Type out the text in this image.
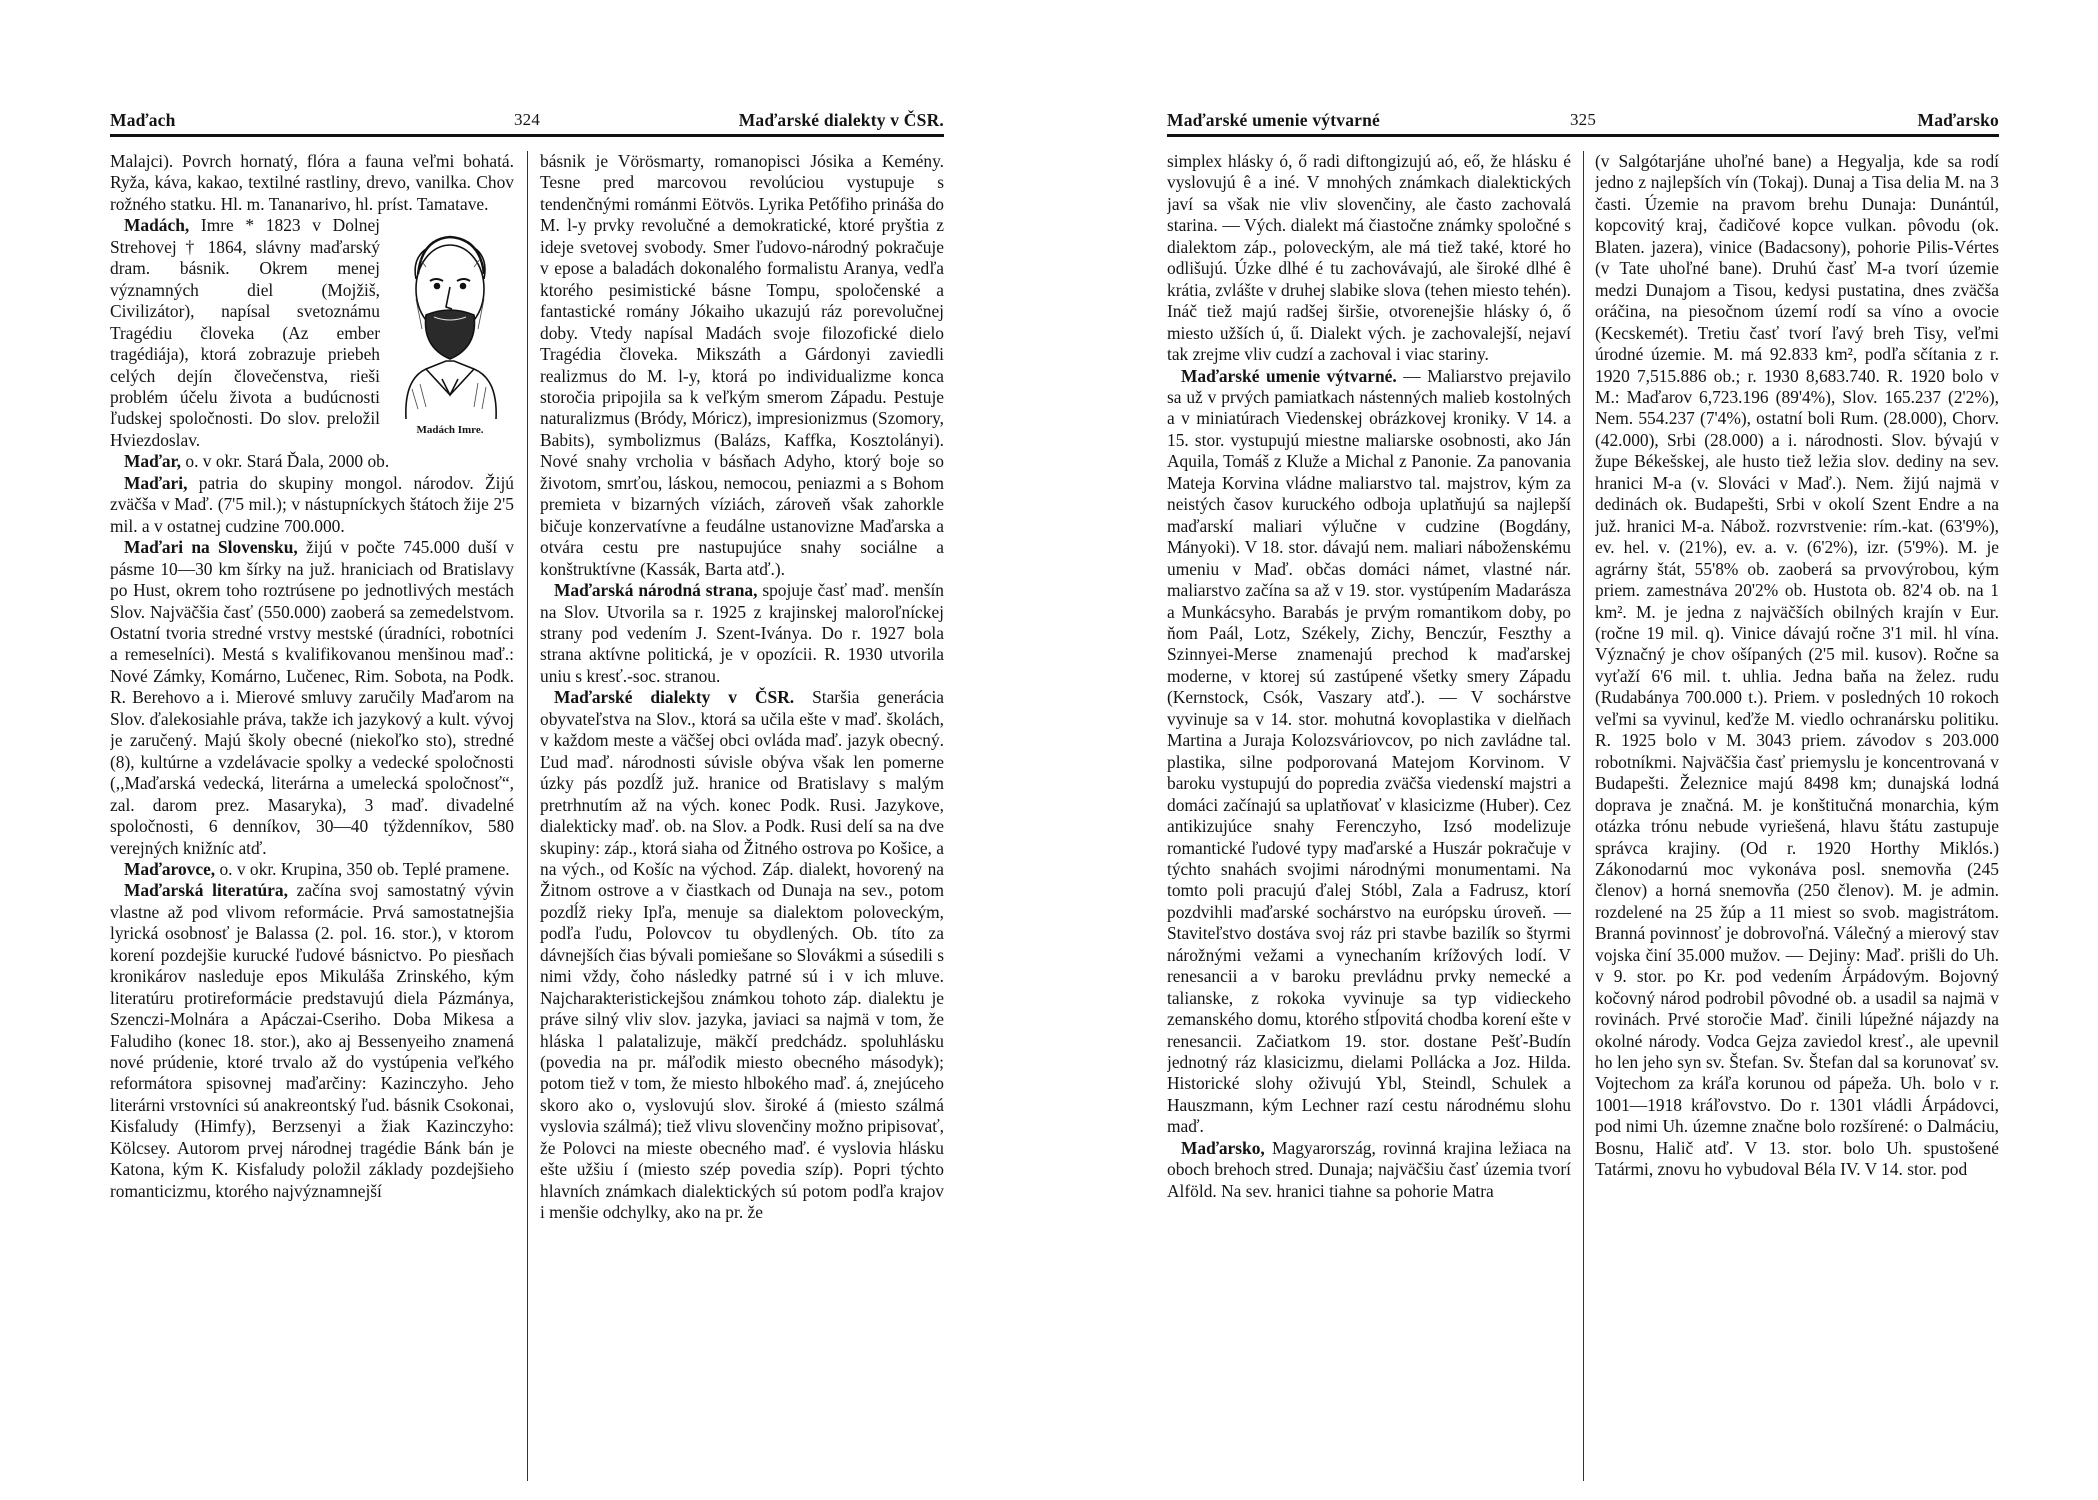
Maďach	324	Maďarské dialekty v ČSR.

Malajci). Povrch hornatý, flóra a fauna veľmi bohatá. Ryža, káva, kakao, textilné rastliny, drevo, vanilka. Chov rožného statku. Hl. m. Tananarivo, hl. príst. Tamatave.

Madách Imre.

Madách, Imre * 1823 v Dolnej Strehovej † 1864, slávny maďarský dram. básnik. Okrem menej významných diel (Mojžiš, Civilizátor), napísal svetoznámu Tragédiu človeka (Az ember tragédiája), ktorá zobrazuje priebeh celých dejín človečenstva, rieši problém účelu života a budúcnosti ľudskej spoločnosti. Do slov. preložil Hviezdoslav.

Maďar, o. v okr. Stará Ďala, 2000 ob.

Maďari, patria do skupiny mongol. národov. Žijú zväčša v Maď. (7'5 mil.); v nástupníckych štátoch žije 2'5 mil. a v ostatnej cudzine 700.000.

Maďari na Slovensku, žijú v počte 745.000 duší v pásme 10—30 km šírky na juž. hraniciach od Bratislavy po Hust, okrem toho roztrúsene po jednotlivých mestách Slov. Najväčšia časť (550.000) zaoberá sa zemedelstvom. Ostatní tvoria stredné vrstvy mestské (úradníci, robotníci a remeselníci). Mestá s kvalifikovanou menšinou maď.: Nové Zámky, Komárno, Lučenec, Rim. Sobota, na Podk. R. Berehovo a i. Mierové smluvy zaručily Maďarom na Slov. ďalekosiahle práva, takže ich jazykový a kult. vývoj je zaručený. Majú školy obecné (niekoľko sto), stredné (8), kultúrne a vzdelávacie spolky a vedecké spoločnosti (,,Maďarská vedecká, literárna a umelecká spoločnosť“, zal. darom prez. Masaryka), 3 maď. divadelné spoločnosti, 6 denníkov, 30—40 týždenníkov, 580 verejných knižníc atď.

Maďarovce, o. v okr. Krupina, 350 ob. Teplé pramene.

Maďarská literatúra, začína svoj samostatný vývin vlastne až pod vlivom reformácie. Prvá samostatnejšia lyrická osobnosť je Balassa (2. pol. 16. stor.), v ktorom korení pozdejšie kurucké ľudové básnictvo. Po piesňach kronikárov nasleduje epos Mikuláša Zrinského, kým literatúru protireformácie predstavujú diela Pázmánya, Szenczi-Molnára a Apáczai-Cseriho. Doba Mikesa a Faludiho (konec 18. stor.), ako aj Bessenyeiho znamená nové prúdenie, ktoré trvalo až do vystúpenia veľkého reformátora spisovnej maďarčiny: Kazinczyho. Jeho literárni vrstovníci sú anakreontský ľud. básnik Csokonai, Kisfaludy (Himfy), Berzsenyi a žiak Kazinczyho: Kölcsey. Autorom prvej národnej tragédie Bánk bán je Katona, kým K. Kisfaludy položil základy pozdejšieho romanticizmu, ktorého najvýznamnejší

básnik je Vörösmarty, romanopisci Jósika a Kemény. Tesne pred marcovou revolúciou vystupuje s tendenčnými románmi Eötvös. Lyrika Petőfiho prináša do M. l-y prvky revolučné a demokratické, ktoré pryštia z ideje svetovej svobody. Smer ľudovo-národný pokračuje v epose a baladách dokonalého formalistu Aranya, vedľa ktorého pesimistické básne Tompu, spoločenské a fantastické romány Jókaiho ukazujú ráz porevolučnej doby. Vtedy napísal Madách svoje filozofické dielo Tragédia človeka. Mikszáth a Gárdonyi zaviedli realizmus do M. l-y, ktorá po individualizme konca storočia pripojila sa k veľkým smerom Západu. Pestuje naturalizmus (Bródy, Móricz), impresionizmus (Szomory, Babits), symbolizmus (Balázs, Kaffka, Kosztolányi). Nové snahy vrcholia v básňach Adyho, ktorý boje so životom, smrťou, láskou, nemocou, peniazmi a s Bohom premieta v bizarných víziách, zároveň však zahorkle bičuje konzervatívne a feudálne ustanovizne Maďarska a otvára cestu pre nastupujúce snahy sociálne a konštruktívne (Kassák, Barta atď.).

Maďarská národná strana, spojuje časť maď. menšín na Slov. Utvorila sa r. 1925 z krajinskej maloroľníckej strany pod vedením J. Szent-Iványa. Do r. 1927 bola strana aktívne politická, je v opozícii. R. 1930 utvorila uniu s kresť.-soc. stranou.

Maďarské dialekty v ČSR. Staršia generácia obyvateľstva na Slov., ktorá sa učila ešte v maď. školách, v každom meste a väčšej obci ovláda maď. jazyk obecný. Ľud maď. národnosti súvisle obýva však len pomerne úzky pás pozdĺž juž. hranice od Bratislavy s malým pretrhnutím až na vých. konec Podk. Rusi. Jazykove, dialekticky maď. ob. na Slov. a Podk. Rusi delí sa na dve skupiny: záp., ktorá siaha od Žitného ostrova po Košice, a na vých., od Košíc na východ. Záp. dialekt, hovorený na Žitnom ostrove a v čiastkach od Dunaja na sev., potom pozdĺž rieky Ipľa, menuje sa dialektom poloveckým, podľa ľudu, Polovcov tu obydlených. Ob. títo za dávnejších čias bývali pomiešane so Slovákmi a súsedili s nimi vždy, čoho následky patrné sú i v ich mluve. Najcharakteristickejšou známkou tohoto záp. dialektu je práve silný vliv slov. jazyka, javiaci sa najmä v tom, že hláska l palatalizuje, mäkčí predchádz. spoluhlásku (povedia na pr. máľodik miesto obecného másodyk); potom tiež v tom, že miesto hlbokého maď. á, znejúceho skoro ako o, vyslovujú slov. široké á (miesto szálmá vyslovia szálmá); tiež vlivu slovenčiny možno pripisovať, že Polovci na mieste obecného maď. é vyslovia hlásku ešte užšiu í (miesto szép povedia szíp). Popri týchto hlavních známkach dialektických sú potom podľa krajov i menšie odchylky, ako na pr. že

Maďarské umenie výtvarné	325	Maďarsko

simplex hlásky ó, ő radi diftongizujú aó, eő, že hlásku é vyslovujú ê a iné. V mnohých známkach dialektických javí sa však nie vliv slovenčiny, ale často zachovalá starina. — Vých. dialekt má čiastočne známky spoločné s dialektom záp., poloveckým, ale má tiež také, ktoré ho odlišujú. Úzke dlhé é tu zachovávajú, ale široké dlhé ê krátia, zvlášte v druhej slabike slova (tehen miesto tehén). Ináč tiež majú radšej širšie, otvorenejšie hlásky ó, ő miesto užších ú, ű. Dialekt vých. je zachovalejší, nejaví tak zrejme vliv cudzí a zachoval i viac stariny.

Maďarské umenie výtvarné. — Maliarstvo prejavilo sa už v prvých pamiatkach nástenných malieb kostolných a v miniatúrach Viedenskej obrázkovej kroniky. V 14. a 15. stor. vystupujú miestne maliarske osobnosti, ako Ján Aquila, Tomáš z Kluže a Michal z Panonie. Za panovania Mateja Korvina vládne maliarstvo tal. majstrov, kým za neistých časov kuruckého odboja uplatňujú sa najlepší maďarskí maliari výlučne v cudzine (Bogdány, Mányoki). V 18. stor. dávajú nem. maliari náboženskému umeniu v Maď. občas domáci námet, vlastné nár. maliarstvo začína sa až v 19. stor. vystúpením Madarásza a Munkácsyho. Barabás je prvým romantikom doby, po ňom Paál, Lotz, Székely, Zichy, Benczúr, Feszthy a Szinnyei-Merse znamenajú prechod k maďarskej moderne, v ktorej sú zastúpené všetky smery Západu (Kernstock, Csók, Vaszary atď.). — V sochárstve vyvinuje sa v 14. stor. mohutná kovoplastika v dielňach Martina a Juraja Kolozsváriovcov, po nich zavládne tal. plastika, silne podporovaná Matejom Korvinom. V baroku vystupujú do popredia zväčša viedenskí majstri a domáci začínajú sa uplatňovať v klasicizme (Huber). Cez antikizujúce snahy Ferenczyho, Izsó modelizuje romantické ľudové typy maďarské a Huszár pokračuje v týchto snahách svojimi národnými monumentami. Na tomto poli pracujú ďalej Stóbl, Zala a Fadrusz, ktorí pozdvihli maďarské sochárstvo na európsku úroveň. — Staviteľstvo dostáva svoj ráz pri stavbe bazilík so štyrmi nárožnými vežami a vynechaním krížových lodí. V renesancii a v baroku prevládnu prvky nemecké a talianske, z rokoka vyvinuje sa typ vidieckeho zemanského domu, ktorého stĺpovitá chodba korení ešte v renesancii. Začiatkom 19. stor. dostane Pešť-Budín jednotný ráz klasicizmu, dielami Pollácka a Joz. Hilda. Historické slohy oživujú Ybl, Steindl, Schulek a Hauszmann, kým Lechner razí cestu národnému slohu maď.

Maďarsko, Magyarország, rovinná krajina ležiaca na oboch brehoch stred. Dunaja; najväčšiu časť územia tvorí Alföld. Na sev. hranici tiahne sa pohorie Matra

(v Salgótarjáne uhoľné bane) a Hegyalja, kde sa rodí jedno z najlepších vín (Tokaj). Dunaj a Tisa delia M. na 3 časti. Územie na pravom brehu Dunaja: Dunántúl, kopcovitý kraj, čadičové kopce vulkan. pôvodu (ok. Blaten. jazera), vinice (Badacsony), pohorie Pilis-Vértes (v Tate uhoľné bane). Druhú časť M-a tvorí územie medzi Dunajom a Tisou, kedysi pustatina, dnes zväčša oráčina, na piesočnom území rodí sa víno a ovocie (Kecskemét). Tretiu časť tvorí ľavý breh Tisy, veľmi úrodné územie. M. má 92.833 km², podľa sčítania z r. 1920 7,515.886 ob.; r. 1930 8,683.740. R. 1920 bolo v M.: Maďarov 6,723.196 (89'4%), Slov. 165.237 (2'2%), Nem. 554.237 (7'4%), ostatní boli Rum. (28.000), Chorv. (42.000), Srbi (28.000) a i. národnosti. Slov. bývajú v župe Békešskej, ale husto tiež ležia slov. dediny na sev. hranici M-a (v. Slováci v Maď.). Nem. žijú najmä v dedinách ok. Budapešti, Srbi v okolí Szent Endre a na juž. hranici M-a. Nábož. rozvrstvenie: rím.-kat. (63'9%), ev. hel. v. (21%), ev. a. v. (6'2%), izr. (5'9%). M. je agrárny štát, 55'8% ob. zaoberá sa prvovýrobou, kým priem. zamestnáva 20'2% ob. Hustota ob. 82'4 ob. na 1 km². M. je jedna z najväčších obilných krajín v Eur. (ročne 19 mil. q). Vinice dávajú ročne 3'1 mil. hl vína. Význačný je chov ošípaných (2'5 mil. kusov). Ročne sa vyťaží 6'6 mil. t. uhlia. Jedna baňa na želez. rudu (Rudabánya 700.000 t.). Priem. v posledných 10 rokoch veľmi sa vyvinul, keďže M. viedlo ochranársku politiku. R. 1925 bolo v M. 3043 priem. závodov s 203.000 robotníkmi. Najväčšia časť priemyslu je koncentrovaná v Budapešti. Železnice majú 8498 km; dunajská lodná doprava je značná. M. je konštitučná monarchia, kým otázka trónu nebude vyriešená, hlavu štátu zastupuje správca krajiny. (Od r. 1920 Horthy Miklós.) Zákonodarnú moc vykonáva posl. snemovňa (245 členov) a horná snemovňa (250 členov). M. je admin. rozdelené na 25 žúp a 11 miest so svob. magistrátom. Branná povinnosť je dobrovoľná. Válečný a mierový stav vojska činí 35.000 mužov. — Dejiny: Maď. prišli do Uh. v 9. stor. po Kr. pod vedením Árpádovým. Bojovný kočovný národ podrobil pôvodné ob. a usadil sa najmä v rovinách. Prvé storočie Maď. činili lúpežné nájazdy na okolné národy. Vodca Gejza zaviedol kresť., ale upevnil ho len jeho syn sv. Štefan. Sv. Štefan dal sa korunovať sv. Vojtechom za kráľa korunou od pápeža. Uh. bolo v r. 1001—1918 kráľovstvo. Do r. 1301 vládli Árpádovci, pod nimi Uh. územne značne bolo rozšírené: o Dalmáciu, Bosnu, Halič atď. V 13. stor. bolo Uh. spustošené Tatármi, znovu ho vybudoval Béla IV. V 14. stor. pod
